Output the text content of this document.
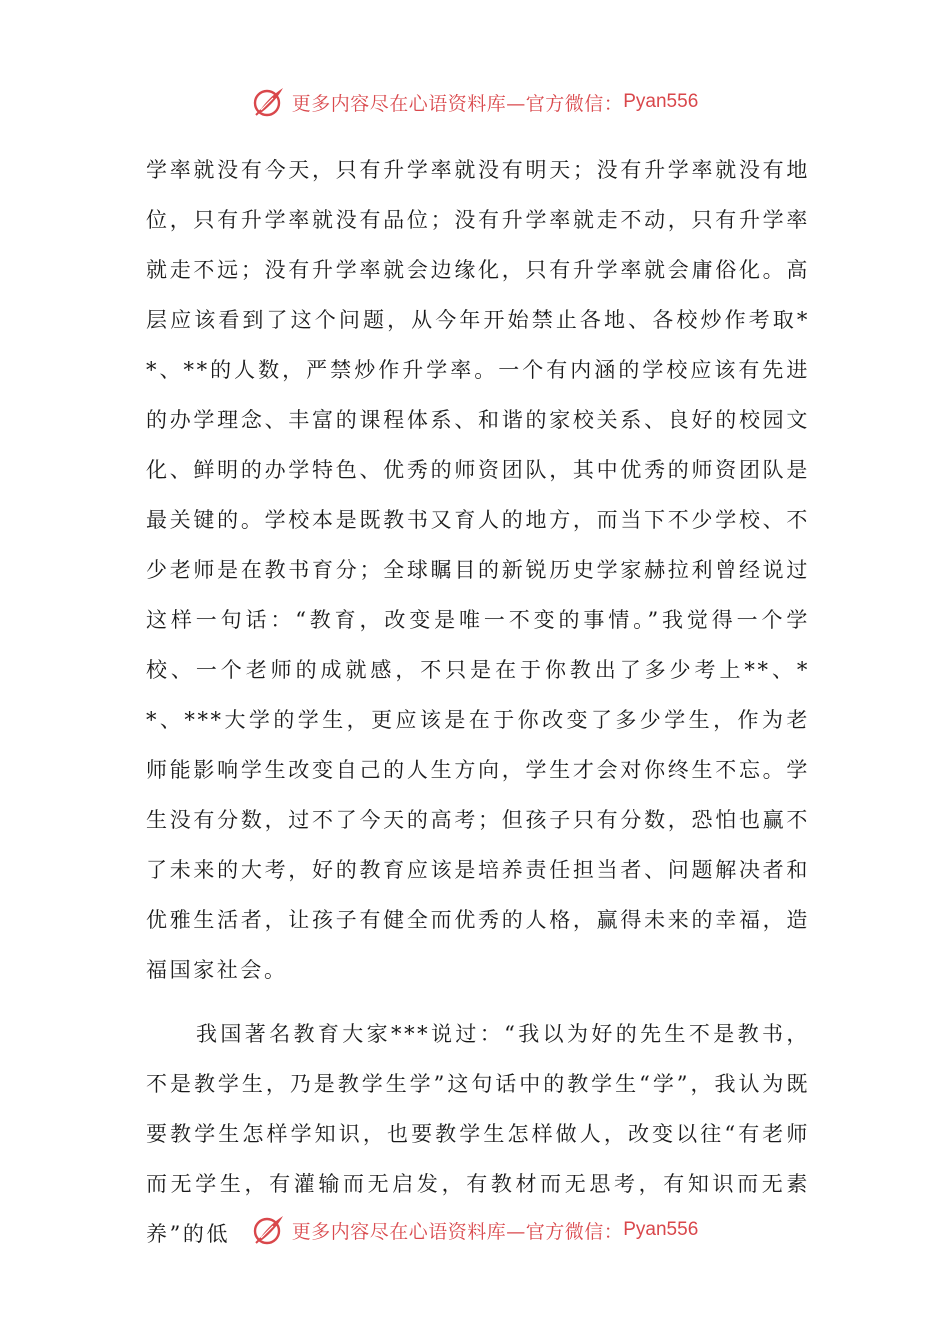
更多内容尽在心语资料库—官方微信： Pyan556

学率就没有今天，只有升学率就没有明天；没有升学率就没有地位，只有升学率就没有品位；没有升学率就走不动，只有升学率就走不远；没有升学率就会边缘化，只有升学率就会庸俗化。高层应该看到了这个问题，从今年开始禁止各地、各校炒作考取**、**的人数，严禁炒作升学率。一个有内涵的学校应该有先进的办学理念、丰富的课程体系、和谐的家校关系、良好的校园文化、鲜明的办学特色、优秀的师资团队，其中优秀的师资团队是最关键的。学校本是既教书又育人的地方，而当下不少学校、不少老师是在教书育分；全球瞩目的新锐历史学家赫拉利曾经说过这样一句话：“教育，改变是唯一不变的事情。”我觉得一个学校、一个老师的成就感，不只是在于你教出了多少考上**、**、***大学的学生，更应该是在于你改变了多少学生，作为老师能影响学生改变自己的人生方向，学生才会对你终生不忘。学生没有分数，过不了今天的高考；但孩子只有分数，恐怕也赢不了未来的大考，好的教育应该是培养责任担当者、问题解决者和优雅生活者，让孩子有健全而优秀的人格，赢得未来的幸福，造福国家社会。

我国著名教育大家***说过：“我以为好的先生不是教书，不是教学生，乃是教学生学”这句话中的教学生“学”，我认为既要教学生怎样学知识，也要教学生怎样做人，改变以往“有老师而无学生，有灌输而无启发，有教材而无思考，有知识而无素养”的低	更多内容尽在心语资料库—官方微信： Pyan556
